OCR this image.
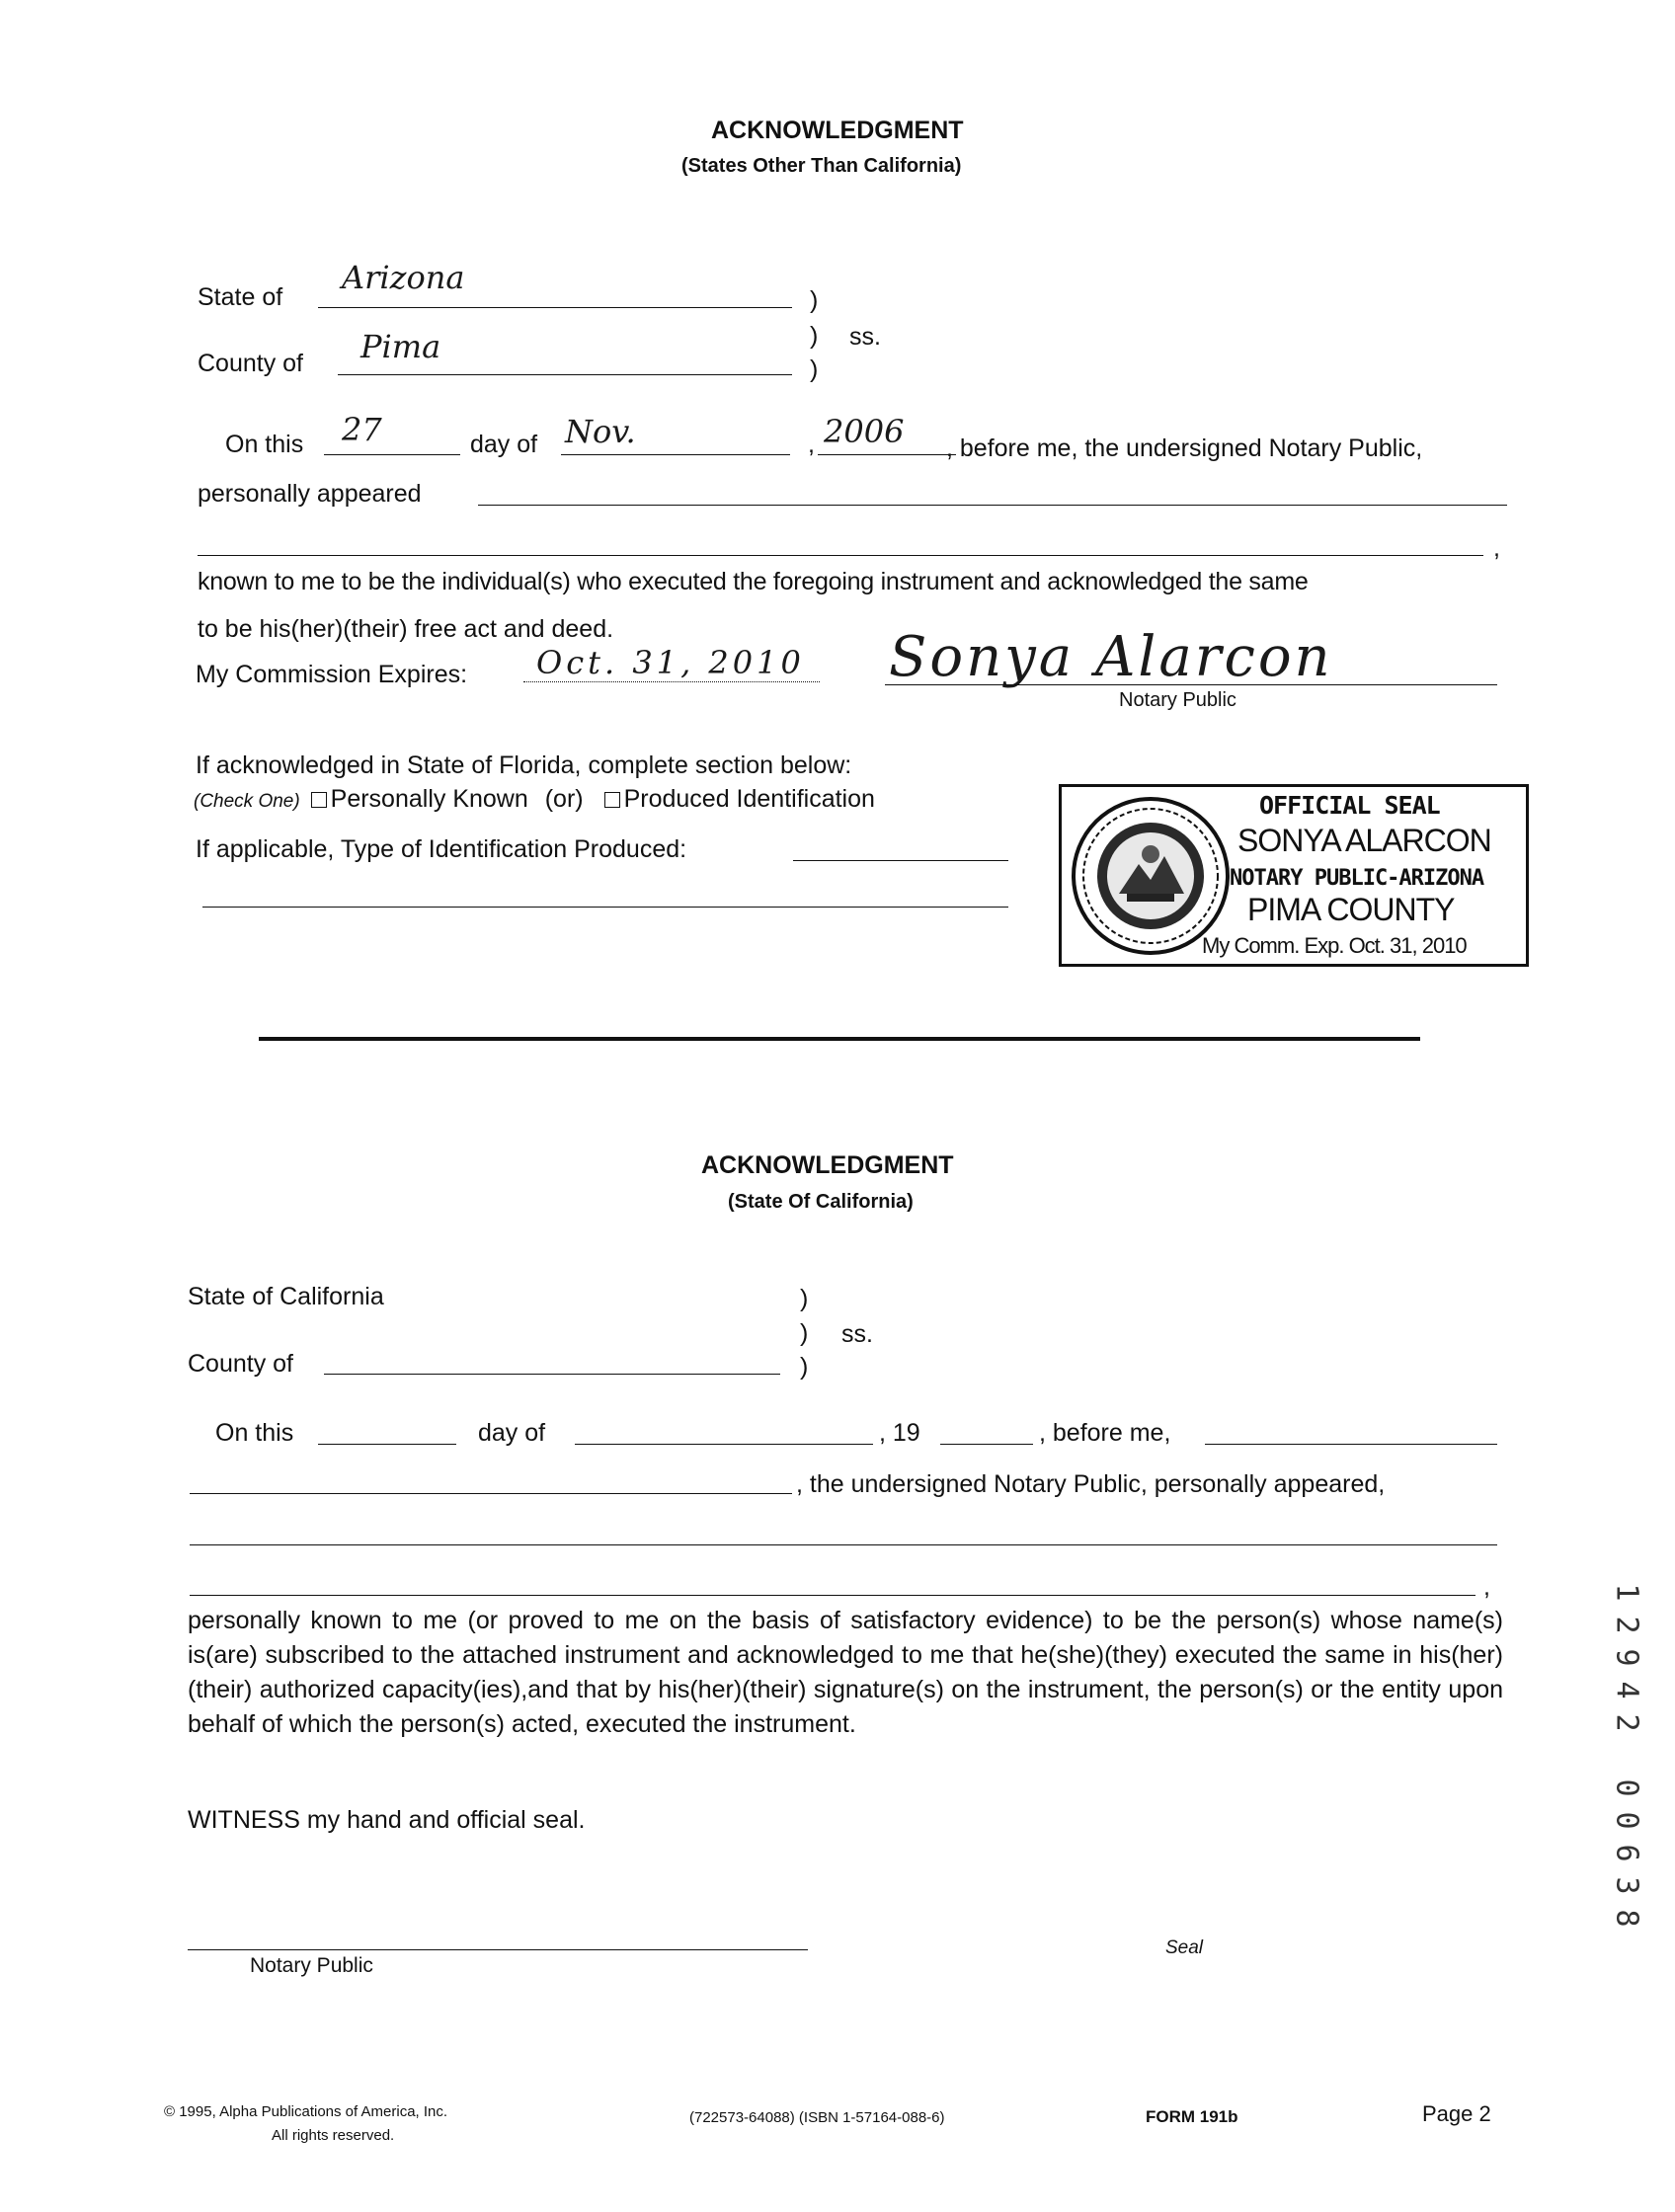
ACKNOWLEDGMENT
(States Other Than California)
State of
Arizona
)
) ss.
)
County of Pima
On this 27	day of Nov.	, 2006 , before me, the undersigned Notary Public,
personally appeared
,
known to me to be the individual(s) who executed the foregoing instrument and acknowledged the same
to be his(her)(their) free act and deed.
My Commission Expires: Oct. 31, 2010 Sonya Alarcon
Notary Public
If acknowledged in State of Florida, complete section below:
(Check One) Personally Known (or) Produced Identification
If applicable, Type of Identification Produced:
OFFICIAL SEAL
SONYA ALARCON
NOTARY PUBLIC-ARIZONA
PIMA COUNTY
My Comm. Exp. Oct. 31, 2010
ACKNOWLEDGMENT
(State Of California)
State of California	)
) ss.
)
County of
On this	day of	, 19	, before me,
, the undersigned Notary Public, personally appeared,
,
personally known to me (or proved to me on the basis of satisfactory evidence) to be the person(s) whose name(s) is(are) subscribed to the attached instrument and acknowledged to me that he(she)(they) executed the same in his(her)(their) authorized capacity(ies),and that by his(her)(their) signature(s) on the instrument, the person(s) or the entity upon behalf of which the person(s) acted, executed the instrument.
WITNESS my hand and official seal.
Notary Public
Seal
© 1995, Alpha Publications of America, Inc.
All rights reserved.
(722573-64088) (ISBN 1-57164-088-6)	FORM 191b	Page 2
1
2
9
4
2

0
0
6
3
8
